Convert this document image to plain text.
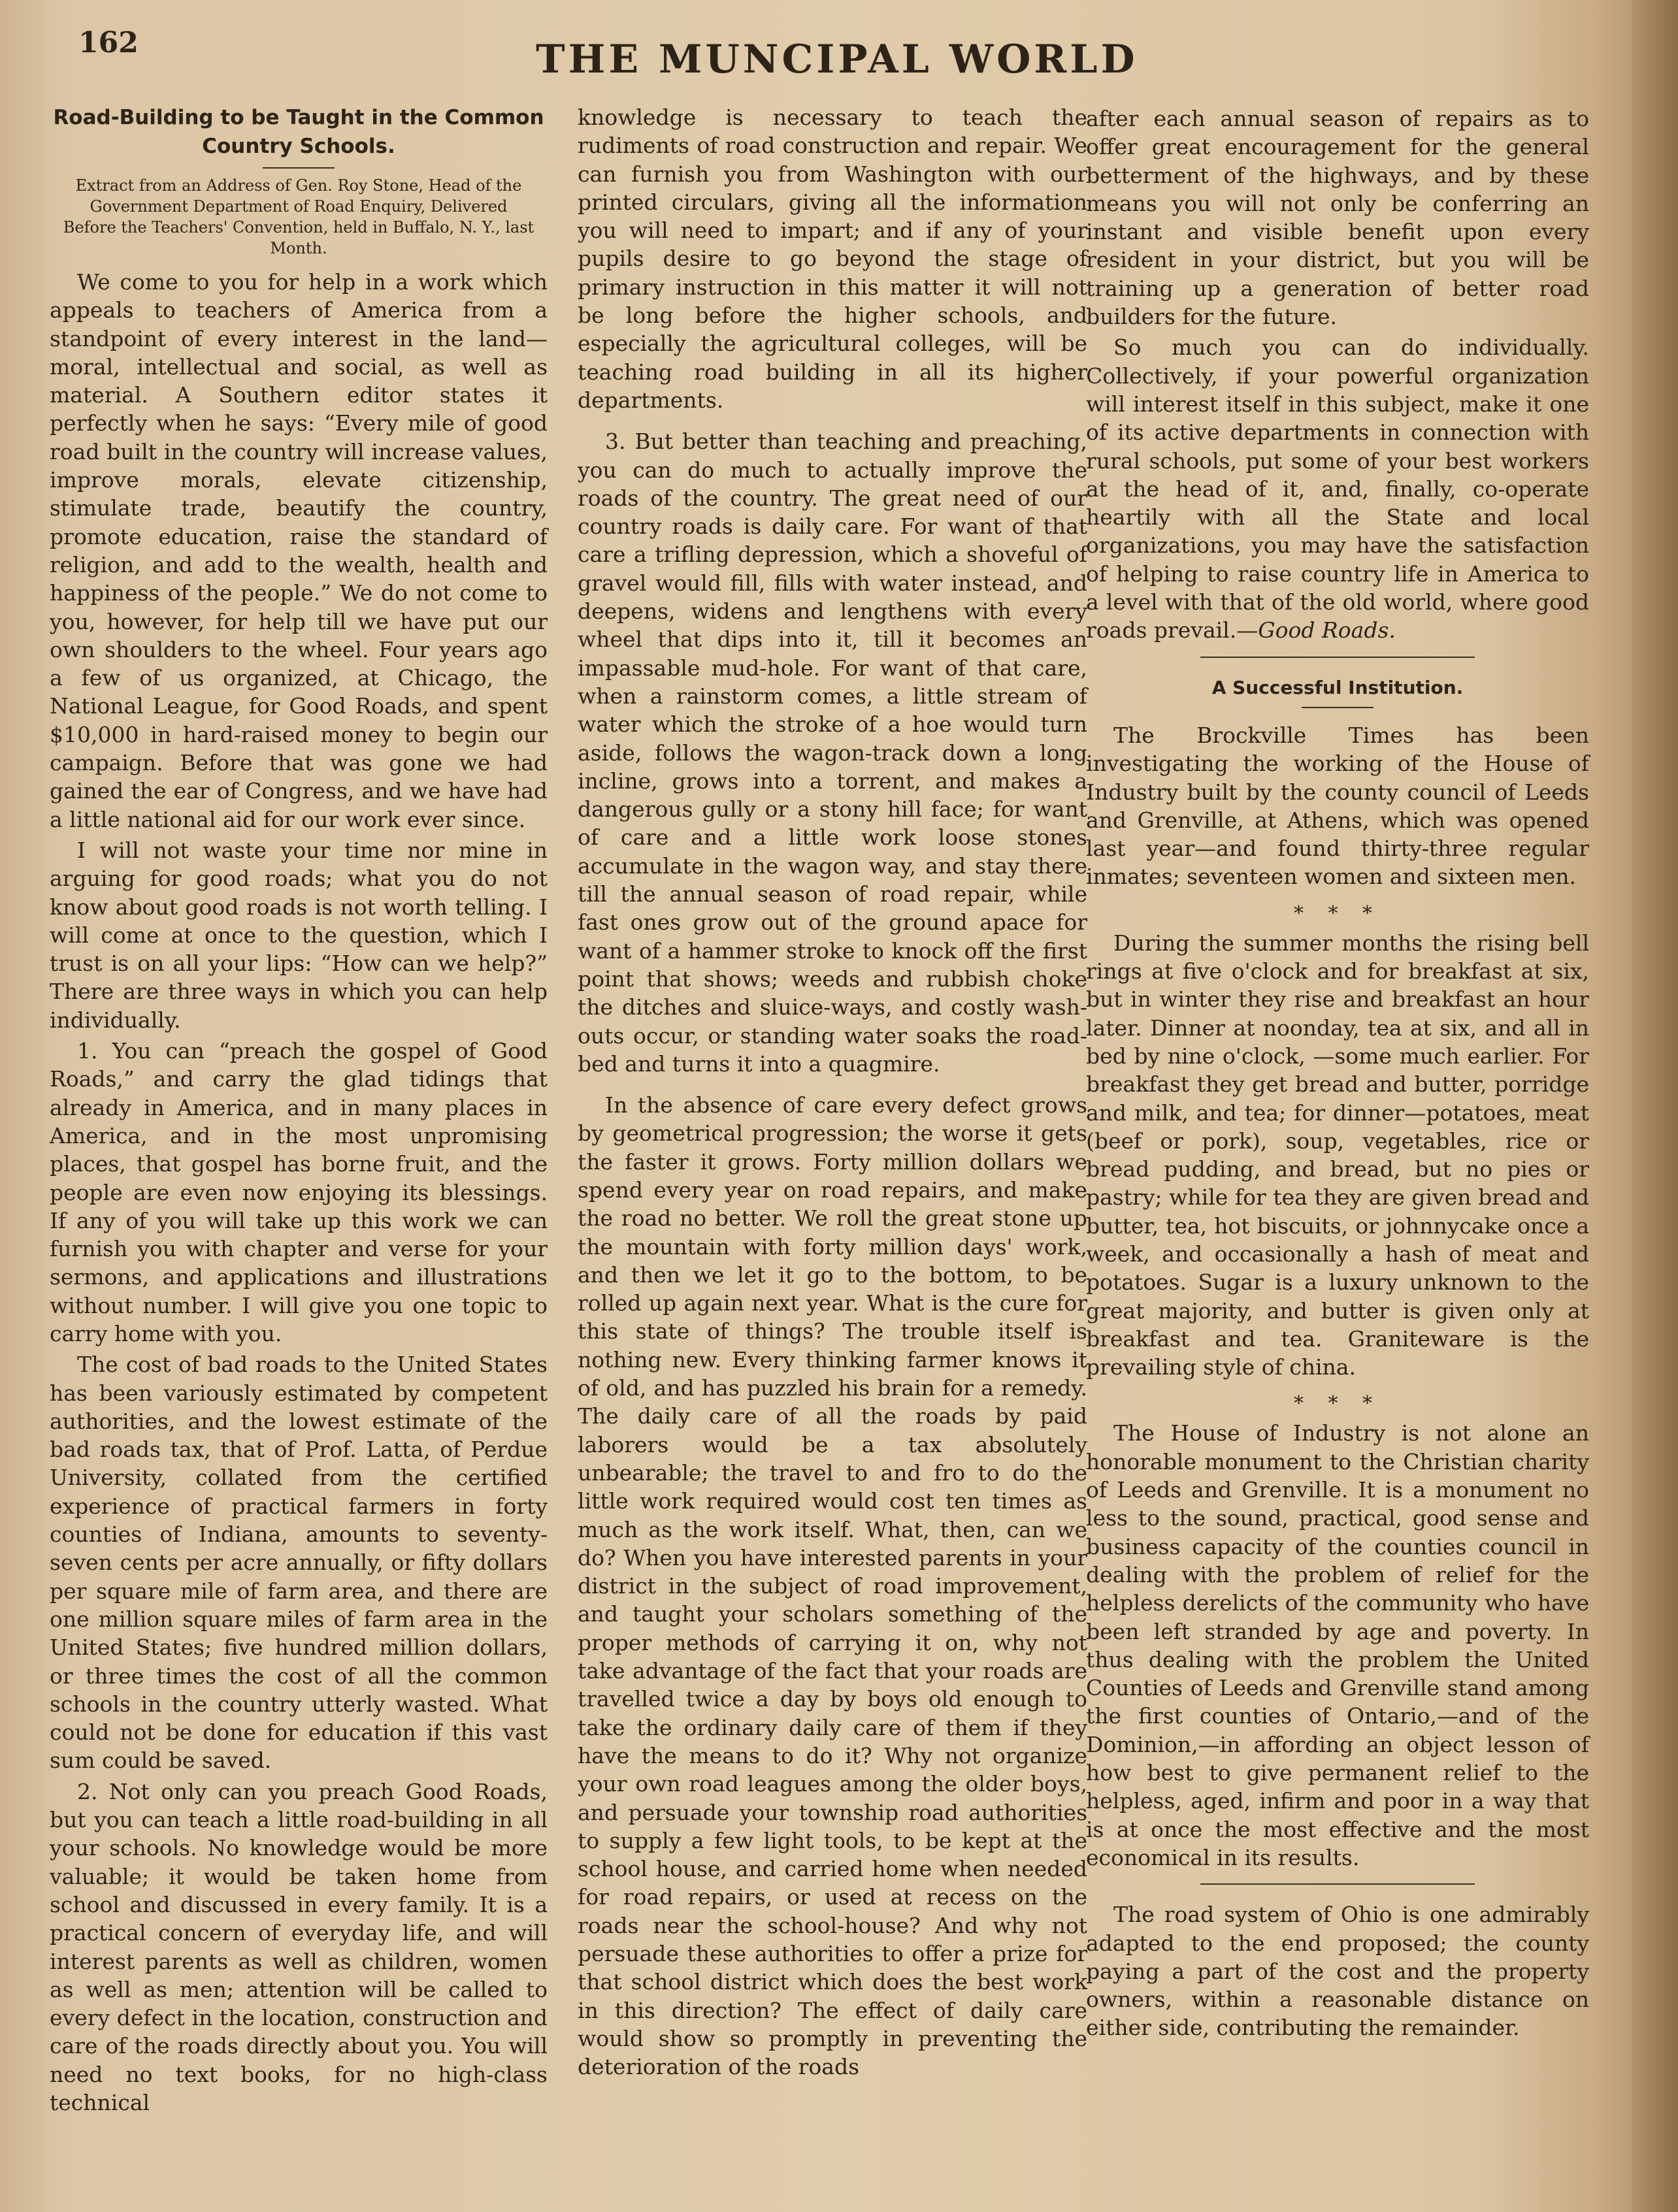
162	THE MUNCIPAL WORLD
Road-Building to be Taught in the Common Country Schools.
Extract from an Address of Gen. Roy Stone, Head of the Government Department of Road Enquiry, Delivered Before the Teachers' Convention, held in Buffalo, N. Y., last Month.

We come to you for help in a work which appeals to teachers of America from a standpoint of every interest in the land—moral, intellectual and social, as well as material. A Southern editor states it perfectly when he says: “Every mile of good road built in the country will increase values, improve morals, elevate citizenship, stimulate trade, beautify the country, promote education, raise the standard of religion, and add to the wealth, health and happiness of the people.” We do not come to you, however, for help till we have put our own shoulders to the wheel. Four years ago a few of us organized, at Chicago, the National League, for Good Roads, and spent $10,000 in hard-raised money to begin our campaign. Before that was gone we had gained the ear of Congress, and we have had a little national aid for our work ever since.

I will not waste your time nor mine in arguing for good roads; what you do not know about good roads is not worth telling. I will come at once to the question, which I trust is on all your lips: “How can we help?” There are three ways in which you can help individually.

1. You can “preach the gospel of Good Roads,” and carry the glad tidings that already in America, and in many places in America, and in the most unpromising places, that gospel has borne fruit, and the people are even now enjoying its blessings. If any of you will take up this work we can furnish you with chapter and verse for your sermons, and applications and illustrations without number. I will give you one topic to carry home with you.

The cost of bad roads to the United States has been variously estimated by competent authorities, and the lowest estimate of the bad roads tax, that of Prof. Latta, of Perdue University, collated from the certified experience of practical farmers in forty counties of Indiana, amounts to seventy-seven cents per acre annually, or fifty dollars per square mile of farm area, and there are one million square miles of farm area in the United States; five hundred million dollars, or three times the cost of all the common schools in the country utterly wasted. What could not be done for education if this vast sum could be saved.

2. Not only can you preach Good Roads, but you can teach a little road-building in all your schools. No knowledge would be more valuable; it would be taken home from school and discussed in every family. It is a practical concern of everyday life, and will interest parents as well as children, women as well as men; attention will be called to every defect in the location, construction and care of the roads directly about you. You will need no text books, for no high-class technical

knowledge is necessary to teach the rudiments of road construction and repair. We can furnish you from Washington with our printed circulars, giving all the information you will need to impart; and if any of your pupils desire to go beyond the stage of primary instruction in this matter it will not be long before the higher schools, and especially the agricultural colleges, will be teaching road building in all its higher departments.

3. But better than teaching and preaching, you can do much to actually improve the roads of the country. The great need of our country roads is daily care. For want of that care a trifling depression, which a shoveful of gravel would fill, fills with water instead, and deepens, widens and lengthens with every wheel that dips into it, till it becomes an impassable mud-hole. For want of that care, when a rainstorm comes, a little stream of water which the stroke of a hoe would turn aside, follows the wagon-track down a long incline, grows into a torrent, and makes a dangerous gully or a stony hill face; for want of care and a little work loose stones accumulate in the wagon way, and stay there till the annual season of road repair, while fast ones grow out of the ground apace for want of a hammer stroke to knock off the first point that shows; weeds and rubbish choke the ditches and sluice-ways, and costly wash-outs occur, or standing water soaks the road-bed and turns it into a quagmire.

In the absence of care every defect grows by geometrical progression; the worse it gets the faster it grows. Forty million dollars we spend every year on road repairs, and make the road no better. We roll the great stone up the mountain with forty million days' work, and then we let it go to the bottom, to be rolled up again next year. What is the cure for this state of things? The trouble itself is nothing new. Every thinking farmer knows it of old, and has puzzled his brain for a remedy. The daily care of all the roads by paid laborers would be a tax absolutely unbearable; the travel to and fro to do the little work required would cost ten times as much as the work itself. What, then, can we do? When you have interested parents in your district in the subject of road improvement, and taught your scholars something of the proper methods of carrying it on, why not take advantage of the fact that your roads are travelled twice a day by boys old enough to take the ordinary daily care of them if they have the means to do it? Why not organize your own road leagues among the older boys, and persuade your township road authorities to supply a few light tools, to be kept at the school house, and carried home when needed for road repairs, or used at recess on the roads near the school-house? And why not persuade these authorities to offer a prize for that school district which does the best work in this direction? The effect of daily care would show so promptly in preventing the deterioration of the roads

after each annual season of repairs as to offer great encouragement for the general betterment of the highways, and by these means you will not only be conferring an instant and visible benefit upon every resident in your district, but you will be training up a generation of better road builders for the future.

So much you can do individually. Collectively, if your powerful organization will interest itself in this subject, make it one of its active departments in connection with rural schools, put some of your best workers at the head of it, and, finally, co-operate heartily with all the State and local organizations, you may have the satisfaction of helping to raise country life in America to a level with that of the old world, where good roads prevail.—Good Roads.

A Successful Institution.

The Brockville Times has been investigating the working of the House of Industry built by the county council of Leeds and Grenville, at Athens, which was opened last year—and found thirty-three regular inmates; seventeen women and sixteen men.

* * *

During the summer months the rising bell rings at five o'clock and for breakfast at six, but in winter they rise and breakfast an hour later. Dinner at noonday, tea at six, and all in bed by nine o'clock, —some much earlier. For breakfast they get bread and butter, porridge and milk, and tea; for dinner—potatoes, meat (beef or pork), soup, vegetables, rice or bread pudding, and bread, but no pies or pastry; while for tea they are given bread and butter, tea, hot biscuits, or johnnycake once a week, and occasionally a hash of meat and potatoes. Sugar is a luxury unknown to the great majority, and butter is given only at breakfast and tea. Graniteware is the prevailing style of china.

* * *

The House of Industry is not alone an honorable monument to the Christian charity of Leeds and Grenville. It is a monument no less to the sound, practical, good sense and business capacity of the counties council in dealing with the problem of relief for the helpless derelicts of the community who have been left stranded by age and poverty. In thus dealing with the problem the United Counties of Leeds and Grenville stand among the first counties of Ontario,—and of the Dominion,—in affording an object lesson of how best to give permanent relief to the helpless, aged, infirm and poor in a way that is at once the most effective and the most economical in its results.

The road system of Ohio is one admirably adapted to the end proposed; the county paying a part of the cost and the property owners, within a reasonable distance on either side, contributing the remainder.
